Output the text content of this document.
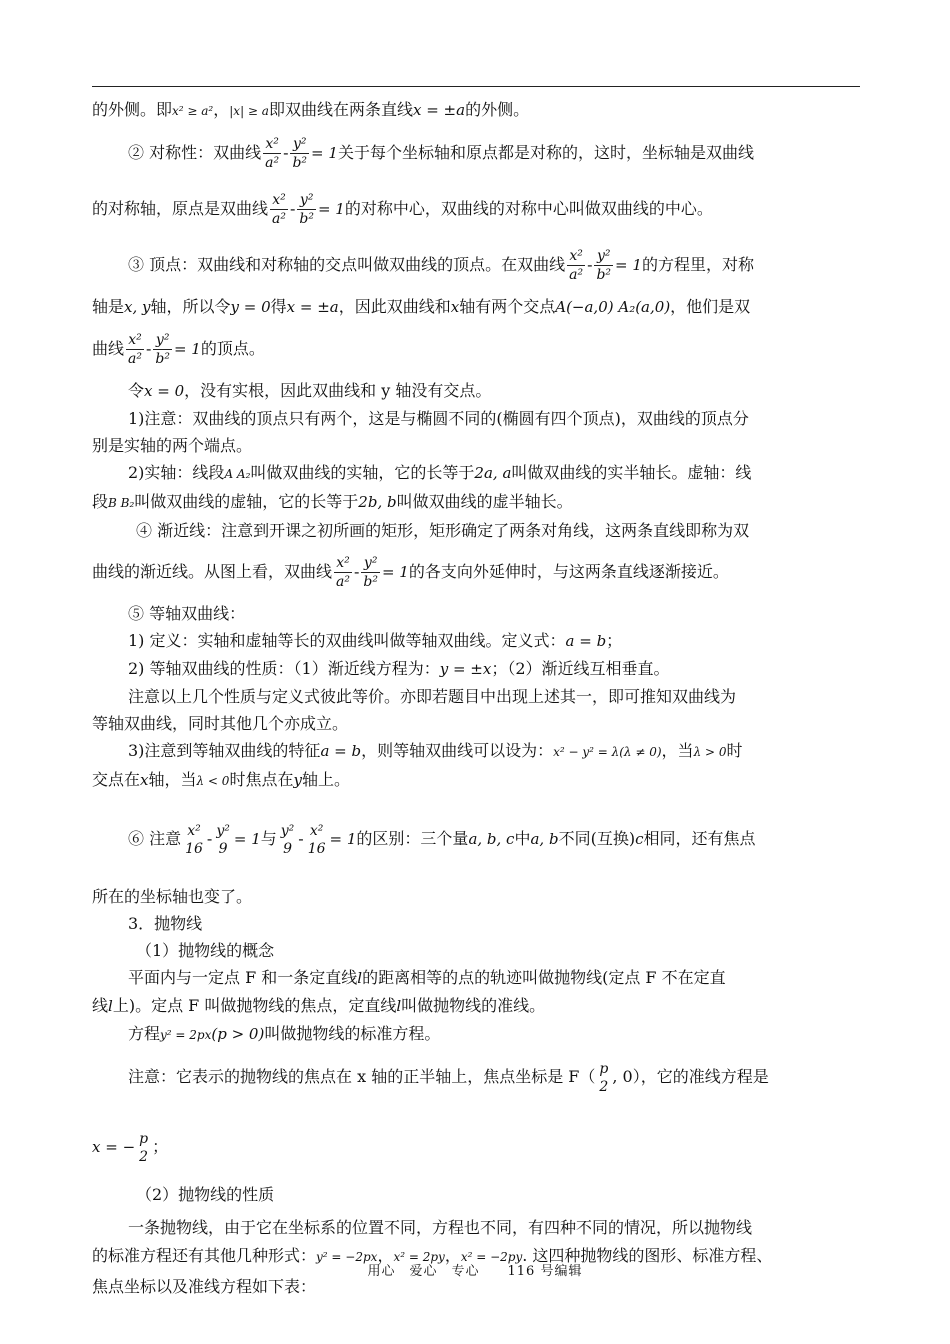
的外侧。即x² ≥ a²，|x| ≥ a即双曲线在两条直线x = ±a的外侧。

② 对称性：双曲线 $\frac{\text{x²}}{\text{a²}} - \frac{\text{y²}}{\text{b²}} = 1$关于每个坐标轴和原点都是对称的，这时，坐标轴是双曲线

的对称轴，原点是双曲线 $\frac{\text{x²}}{\text{a²}} - \frac{\text{y²}}{\text{b²}} = 1$的对称中心，双曲线的对称中心叫做双曲线的中心。

③ 顶点：双曲线和对称轴的交点叫做双曲线的顶点。在双曲线 $\frac{\text{x²}}{\text{a²}} - \frac{\text{y²}}{\text{b²}} = 1$的方程里，对称

轴是x, y轴，所以令y = 0得x = ±a，因此双曲线和x轴有两个交点A(−a,0) A₂(a,0)，他们是双

曲线 $\frac{\text{x²}}{\text{a²}} - \frac{\text{y²}}{\text{b²}} = 1$的顶点。

令x = 0，没有实根，因此双曲线和 y 轴没有交点。

1)注意：双曲线的顶点只有两个，这是与椭圆不同的(椭圆有四个顶点)，双曲线的顶点分

别是实轴的两个端点。

2)实轴：线段A A₂叫做双曲线的实轴，它的长等于2a, a叫做双曲线的实半轴长。虚轴：线

段B B₂叫做双曲线的虚轴，它的长等于2b, b叫做双曲线的虚半轴长。

④ 渐近线：注意到开课之初所画的矩形，矩形确定了两条对角线，这两条直线即称为双

曲线的渐近线。从图上看，双曲线 $\frac{\text{x²}}{\text{a²}} - \frac{\text{y²}}{\text{b²}} = 1$的各支向外延伸时，与这两条直线逐渐接近。

⑤ 等轴双曲线：

1) 定义：实轴和虚轴等长的双曲线叫做等轴双曲线。定义式：a = b；

2) 等轴双曲线的性质：（1）渐近线方程为：y = ±x；（2）渐近线互相垂直。

注意以上几个性质与定义式彼此等价。亦即若题目中出现上述其一，即可推知双曲线为

等轴双曲线，同时其他几个亦成立。

3)注意到等轴双曲线的特征a = b，则等轴双曲线可以设为：x² − y² = λ(λ ≠ 0)，当λ > 0时

交点在x轴，当λ < 0时焦点在y轴上。

⑥ 注意 x²
16
- y²
9
= 1与 y²
9
- x²
16
= 1的区别：三个量a, b, c中a, b不同(互换)c相同，还有焦点

所在的坐标轴也变了。

3．抛物线

（1）抛物线的概念

平面内与一定点 F 和一条定直线l的距离相等的点的轨迹叫做抛物线(定点 F 不在定直

线l上)。定点 F 叫做抛物线的焦点，定直线l叫做抛物线的准线。

方程y² = 2px(p > 0)叫做抛物线的标准方程。

注意：它表示的抛物线的焦点在 x 轴的正半轴上，焦点坐标是 F（ p
2
, 0），它的准线方程是

x = − p
2
；

（2）抛物线的性质

一条抛物线，由于它在坐标系的位置不同，方程也不同，有四种不同的情况，所以抛物线

的标准方程还有其他几种形式：y² = −2px，x² = 2py，x² = −2py. 这四种抛物线的图形、标准方程、

焦点坐标以及准线方程如下表：

用心　爱心　专心　　116 号编辑
